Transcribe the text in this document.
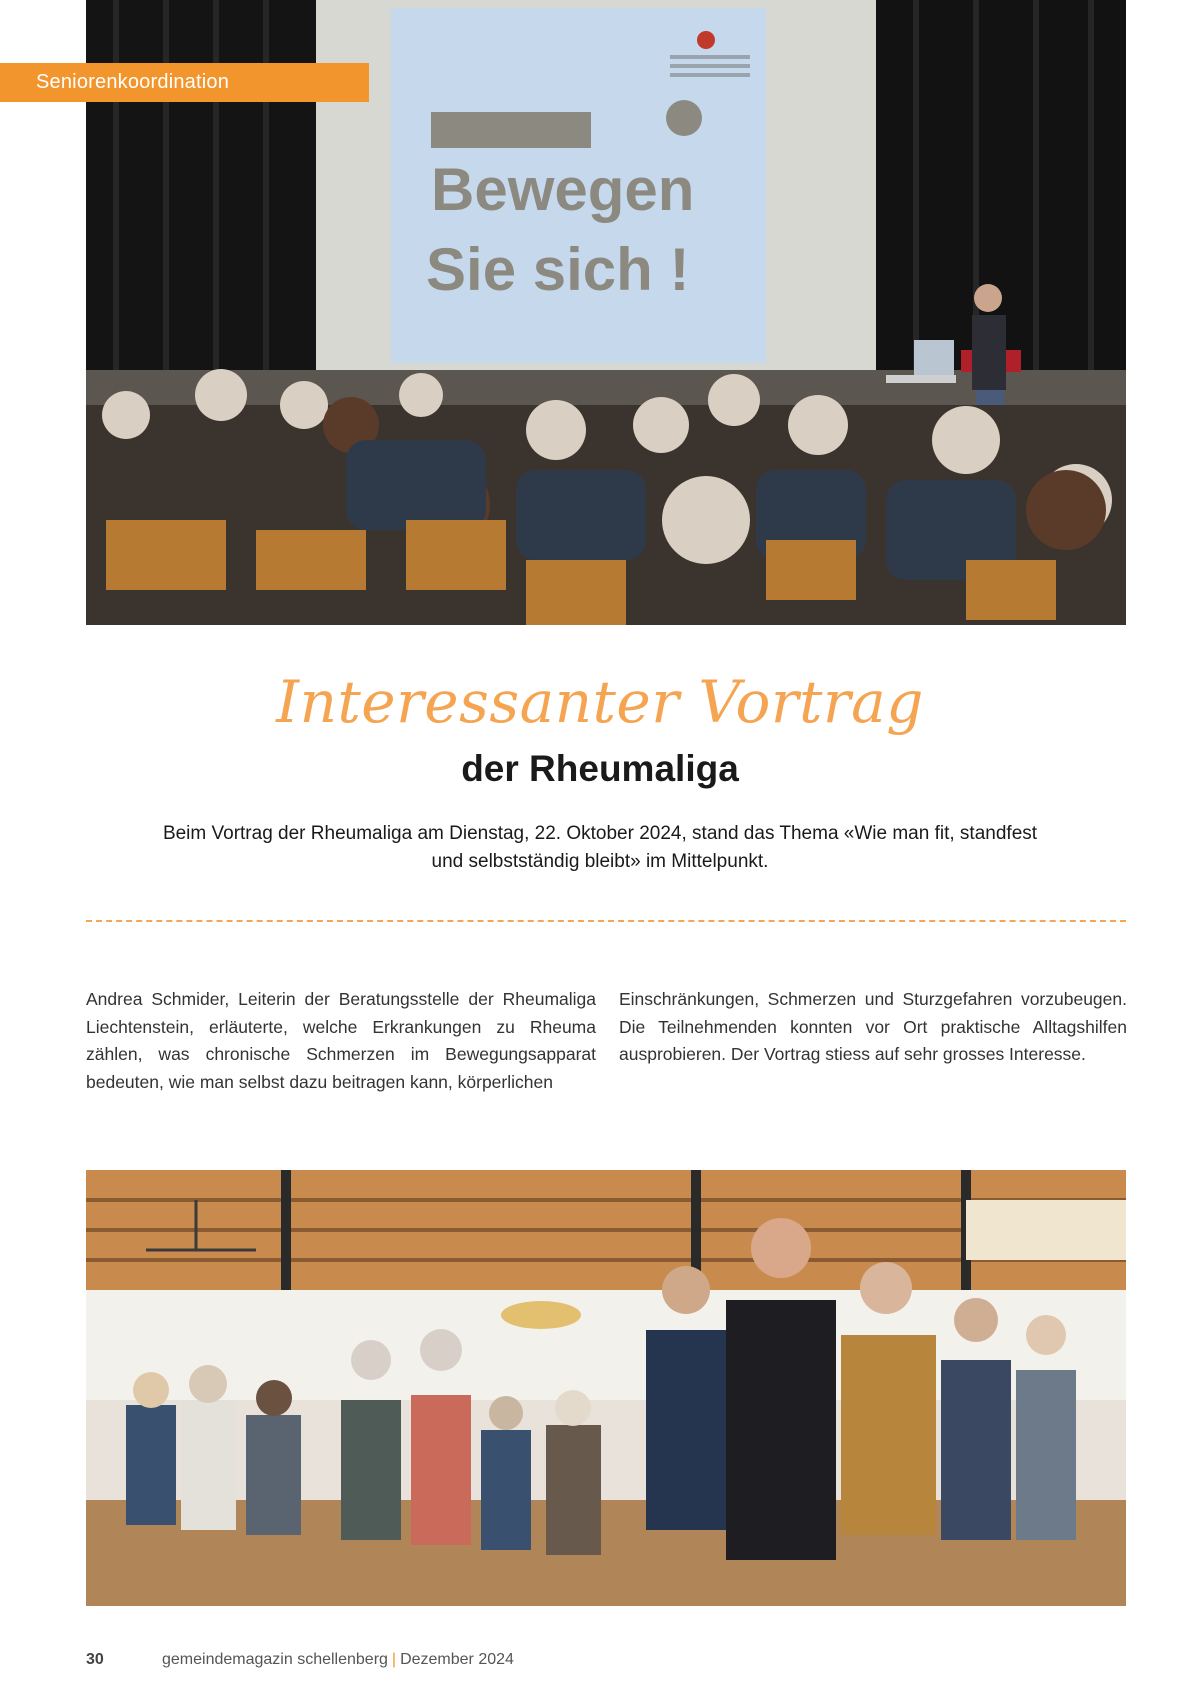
Bewegen
Sie sich !
Seniorenkoordination
Interessanter Vortrag
der Rheumaliga
Beim Vortrag der Rheumaliga am Dienstag, 22. Oktober 2024, stand das Thema «Wie man fit, standfest und selbstständig bleibt» im Mittelpunkt.
Andrea Schmider, Leiterin der Beratungsstelle der Rheumaliga Liechtenstein, erläuterte, welche Erkrankungen zu Rheuma zählen, was chronische Schmerzen im Bewegungsapparat bedeuten, wie man selbst dazu beitragen kann, körperlichen
Einschränkungen, Schmerzen und Sturzgefahren vorzubeugen. Die Teilnehmenden konnten vor Ort praktische Alltagshilfen ausprobieren. Der Vortrag stiess auf sehr grosses Interesse.
30	gemeindemagazin schellenberg | Dezember 2024
